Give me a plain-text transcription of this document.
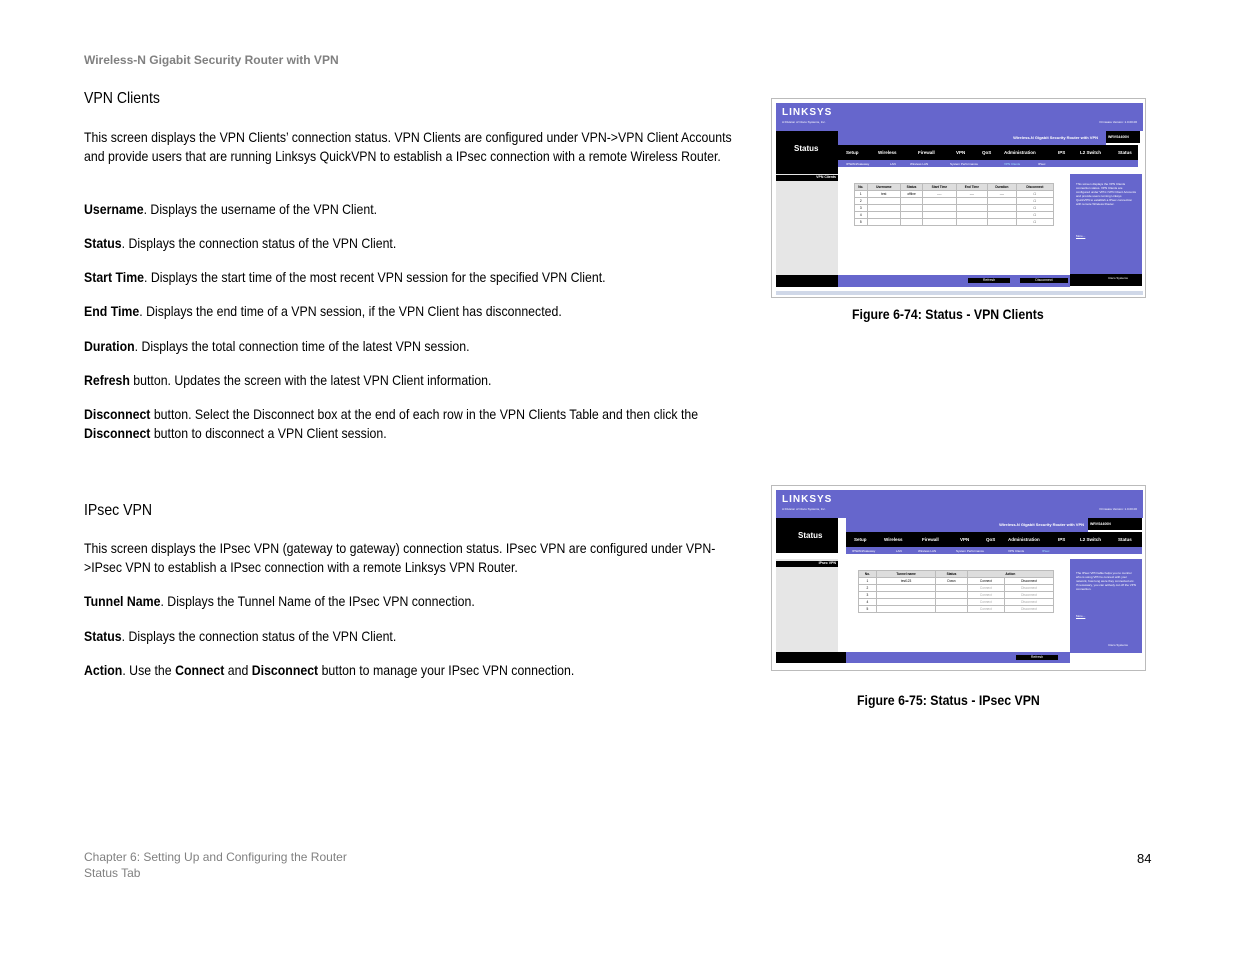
Wireless-N Gigabit Security Router with VPN
VPN Clients
This screen displays the VPN Clients’ connection status. VPN Clients are configured under VPN->VPN Client Accounts and provide users that are running Linksys QuickVPN to establish a IPsec connection with a remote Wireless Router.
Username. Displays the username of the VPN Client.
Status. Displays the connection status of the VPN Client.
Start Time. Displays the start time of the most recent VPN session for the specified VPN Client.
End Time. Displays the end time of a VPN session, if the VPN Client has disconnected.
Duration. Displays the total connection time of the latest VPN session.
Refresh button. Updates the screen with the latest VPN Client information.
Disconnect button. Select the Disconnect box at the end of each row in the VPN Clients Table and then click the Disconnect button to disconnect a VPN Client session.
LINKSYS
A Division of Cisco Systems, Inc.	Firmware Version: 1.0.00.00
Status
Wireless-N Gigabit Security Router with VPN	WRVS4400N
Setup	Wireless	Firewall	VPN	QoS	Administration	IPS	L2 Switch	Status
IP/WAN/Gateway	LAN	Wireless LAN	System Performance	VPN Clients	IPsec
VPN Clients
No.	Username	Status	Start Time	End Time	Duration	Disconnect
1	test	offline	----	----	----	☐
2						☐
3						☐
4						☐
5						☐
This screen displays the VPN Clients connection status. VPN Clients are configured under VPN->VPN Client Accounts and provide users running Linksys QuickVPN to establish a IPsec connection with remote Wireless Router.
More...
Cisco Systems
Refresh	Disconnect
Figure 6-74: Status - VPN Clients
IPsec VPN
This screen displays the IPsec VPN (gateway to gateway) connection status. IPsec VPN are configured under VPN->IPsec VPN to establish a IPsec connection with a remote Linksys VPN Router.
Tunnel Name. Displays the Tunnel Name of the IPsec VPN connection.
Status. Displays the connection status of the VPN Client.
Action. Use the Connect and Disconnect button to manage your IPsec VPN connection.
LINKSYS
A Division of Cisco Systems, Inc.	Firmware Version: 1.0.00.00
Status
Wireless-N Gigabit Security Router with VPN	WRVS4400N
Setup	Wireless	Firewall	VPN	QoS	Administration	IPS	L2 Switch	Status
IP/WAN/Gateway	LAN	Wireless LAN	System Performance	VPN Clients	IPsec
IPsec VPN
No.	Tunnel name	Status	Action	
1	test123	Down	Connect	Disconnect
2			Connect	Disconnect
3			Connect	Disconnect
4			Connect	Disconnect
5			Connect	Disconnect
The IPsec VPN table helps you to monitor who is using VPN to connect with your network, how long were they connected etc. If necessary, you can actively cut off the VPN connection.
More...
Cisco Systems
Refresh
Figure 6-75: Status - IPsec VPN
Chapter 6: Setting Up and Configuring the Router
Status Tab
84
